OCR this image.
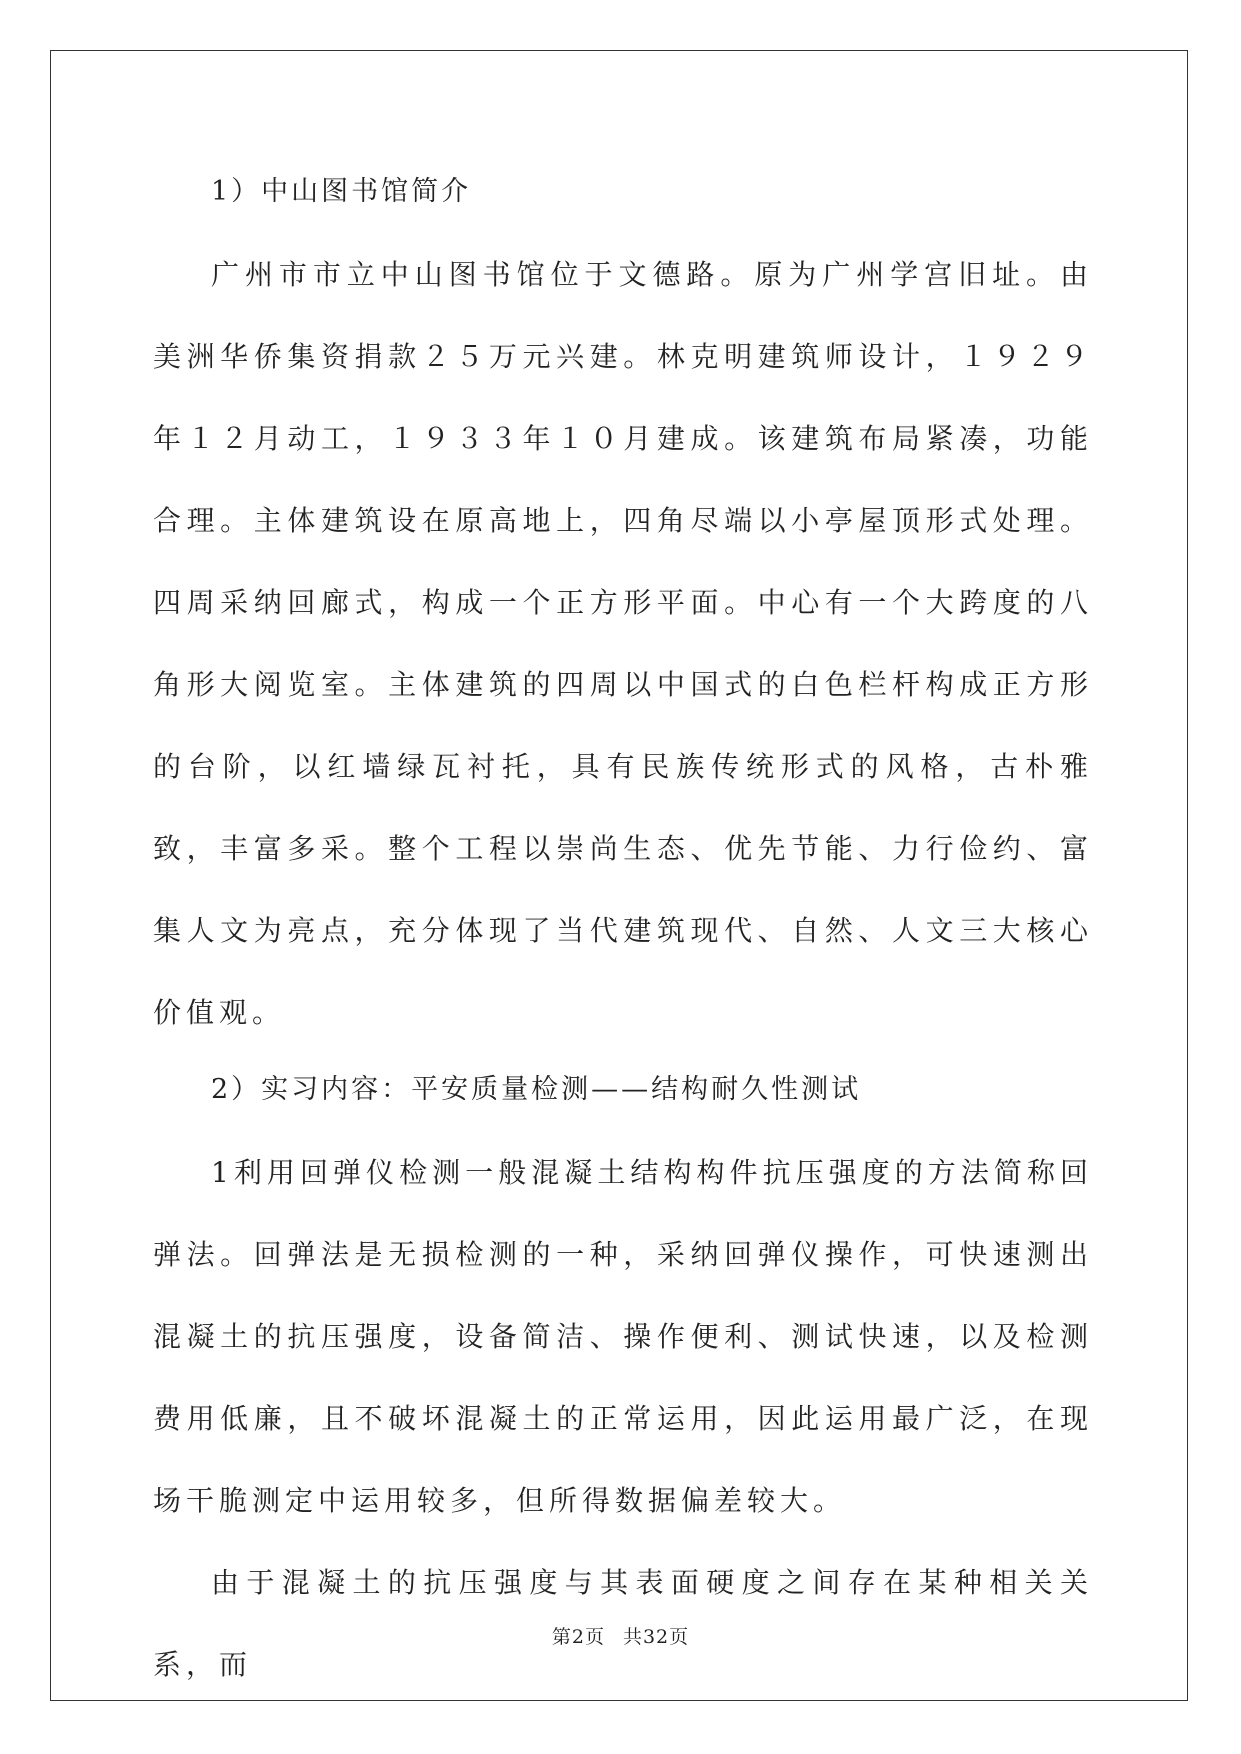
1）中山图书馆简介

广州市市立中山图书馆位于文德路。原为广州学宫旧址。由美洲华侨集资捐款２５万元兴建。林克明建筑师设计，１９２９年１２月动工，１９３３年１０月建成。该建筑布局紧凑，功能合理。主体建筑设在原高地上，四角尽端以小亭屋顶形式处理。四周采纳回廊式，构成一个正方形平面。中心有一个大跨度的八角形大阅览室。主体建筑的四周以中国式的白色栏杆构成正方形的台阶，以红墙绿瓦衬托，具有民族传统形式的风格，古朴雅致，丰富多采。整个工程以崇尚生态、优先节能、力行俭约、富集人文为亮点，充分体现了当代建筑现代、自然、人文三大核心价值观。

2）实习内容：平安质量检测——结构耐久性测试

1利用回弹仪检测一般混凝土结构构件抗压强度的方法简称回弹法。回弹法是无损检测的一种，采纳回弹仪操作，可快速测出混凝土的抗压强度，设备简洁、操作便利、测试快速，以及检测费用低廉，且不破坏混凝土的正常运用，因此运用最广泛，在现场干脆测定中运用较多，但所得数据偏差较大。

由于混凝土的抗压强度与其表面硬度之间存在某种相关关系，而

第2页 共32页
